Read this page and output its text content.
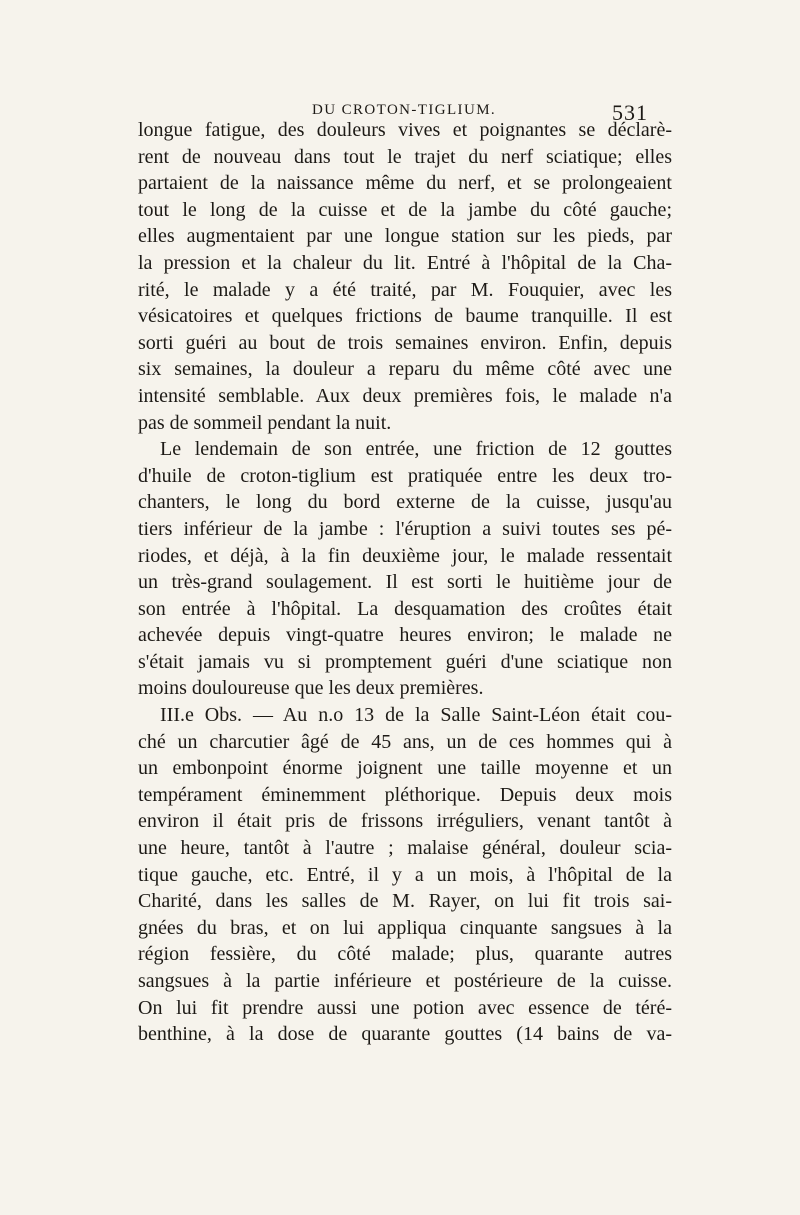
DU CROTON-TIGLIUM.	531
longue fatigue, des douleurs vives et poignantes se déclarè-
rent de nouveau dans tout le trajet du nerf sciatique; elles
partaient de la naissance même du nerf, et se prolongeaient
tout le long de la cuisse et de la jambe du côté gauche;
elles augmentaient par une longue station sur les pieds, par
la pression et la chaleur du lit. Entré à l'hôpital de la Cha-
rité, le malade y a été traité, par M. Fouquier, avec les
vésicatoires et quelques frictions de baume tranquille. Il est
sorti guéri au bout de trois semaines environ. Enfin, depuis
six semaines, la douleur a reparu du même côté avec une
intensité semblable. Aux deux premières fois, le malade n'a
pas de sommeil pendant la nuit.
Le lendemain de son entrée, une friction de 12 gouttes
d'huile de croton-tiglium est pratiquée entre les deux tro-
chanters, le long du bord externe de la cuisse, jusqu'au
tiers inférieur de la jambe : l'éruption a suivi toutes ses pé-
riodes, et déjà, à la fin deuxième jour, le malade ressentait
un très-grand soulagement. Il est sorti le huitième jour de
son entrée à l'hôpital. La desquamation des croûtes était
achevée depuis vingt-quatre heures environ; le malade ne
s'était jamais vu si promptement guéri d'une sciatique non
moins douloureuse que les deux premières.
III.e Obs. — Au n.o 13 de la Salle Saint-Léon était cou-
ché un charcutier âgé de 45 ans, un de ces hommes qui à
un embonpoint énorme joignent une taille moyenne et un
tempérament éminemment pléthorique. Depuis deux mois
environ il était pris de frissons irréguliers, venant tantôt à
une heure, tantôt à l'autre ; malaise général, douleur scia-
tique gauche, etc. Entré, il y a un mois, à l'hôpital de la
Charité, dans les salles de M. Rayer, on lui fit trois sai-
gnées du bras, et on lui appliqua cinquante sangsues à la
région fessière, du côté malade; plus, quarante autres
sangsues à la partie inférieure et postérieure de la cuisse.
On lui fit prendre aussi une potion avec essence de téré-
benthine, à la dose de quarante gouttes (14 bains de va-
